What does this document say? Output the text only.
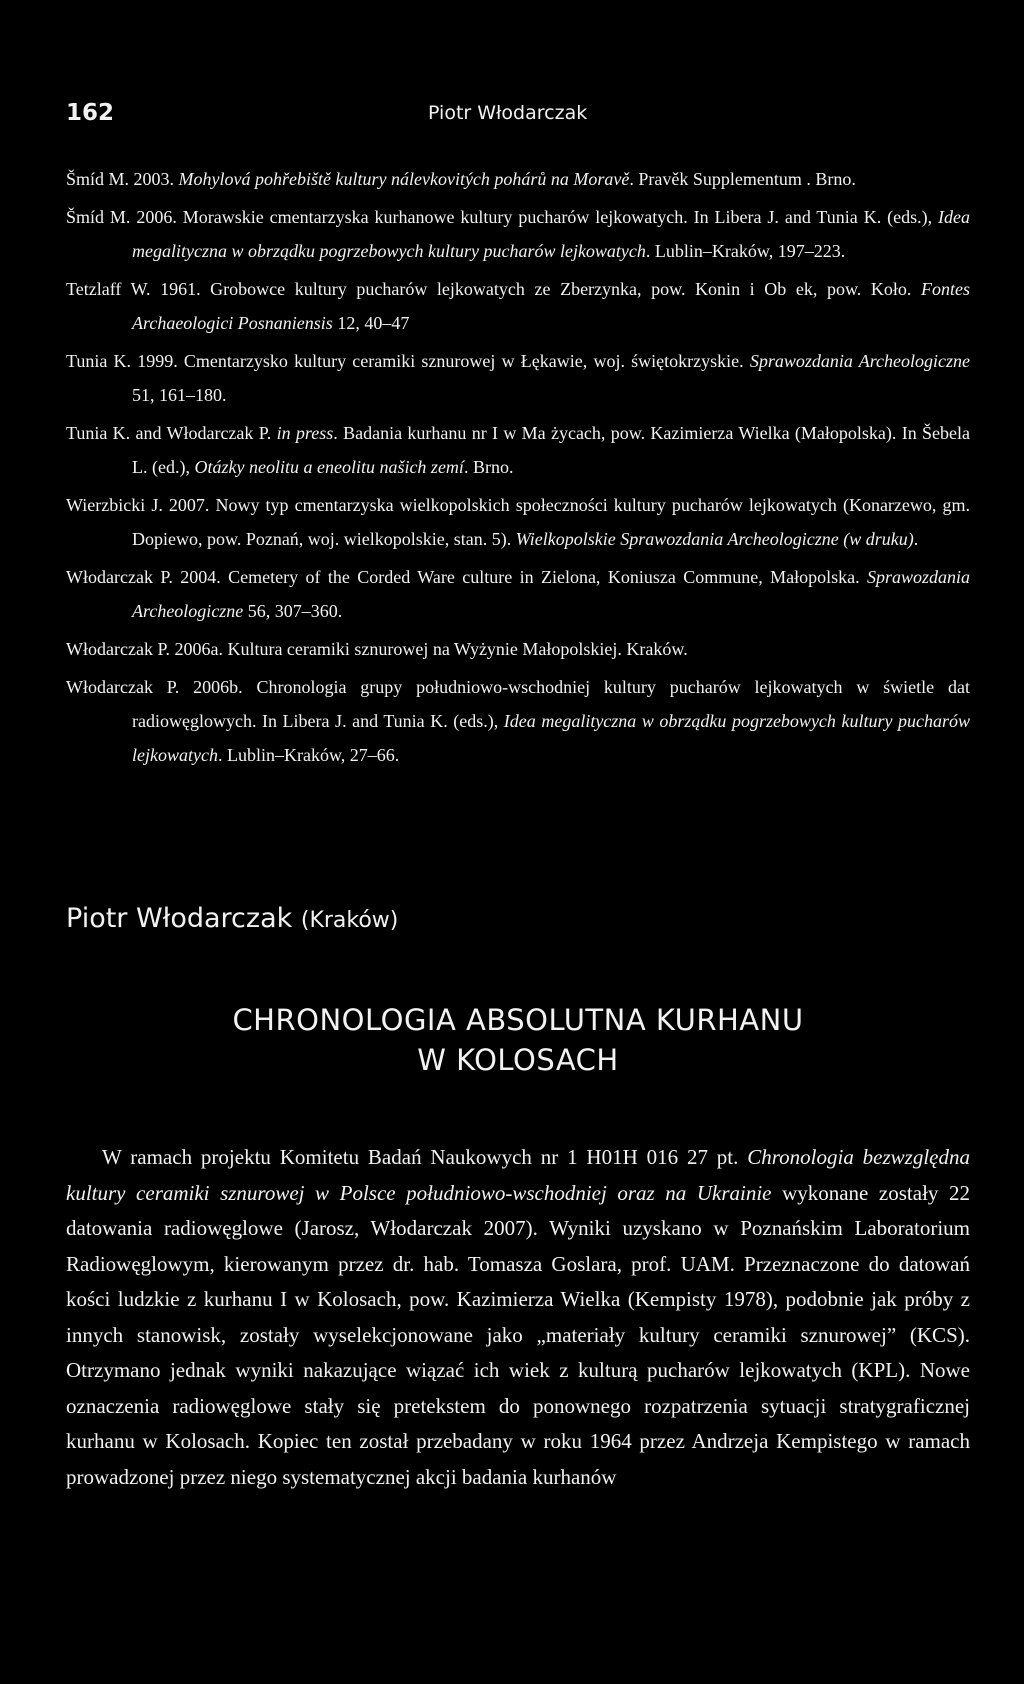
162	Piotr Włodarczak

Šmíd M. 2003. Mohylová pohřebiště kultury nálevkovitých pohárů na Moravě. Pravěk Supplementum . Brno.

Šmíd M. 2006. Morawskie cmentarzyska kurhanowe kultury pucharów lejkowatych. In Libera J. and Tunia K. (eds.), Idea megalityczna w obrządku pogrzebowych kultury pucharów lejkowatych. Lublin–Kraków, 197–223.

Tetzlaff W. 1961. Grobowce kultury pucharów lejkowatych ze Zberzynka, pow. Konin i Ob ek, pow. Koło. Fontes Archaeologici Posnaniensis 12, 40–47

Tunia K. 1999. Cmentarzysko kultury ceramiki sznurowej w Łękawie, woj. świętokrzyskie. Sprawozdania Archeologiczne 51, 161–180.

Tunia K. and Włodarczak P. in press. Badania kurhanu nr I w Ma życach, pow. Kazimierza Wielka (Małopolska). In Šebela L. (ed.), Otázky neolitu a eneolitu našich zemí. Brno.

Wierzbicki J. 2007. Nowy typ cmentarzyska wielkopolskich społeczności kultury pucharów lejkowatych (Konarzewo, gm. Dopiewo, pow. Poznań, woj. wielkopolskie, stan. 5). Wielkopolskie Sprawozdania Archeologiczne (w druku).

Włodarczak P. 2004. Cemetery of the Corded Ware culture in Zielona, Koniusza Commune, Małopolska. Sprawozdania Archeologiczne 56, 307–360.

Włodarczak P. 2006a. Kultura ceramiki sznurowej na Wyżynie Małopolskiej. Kraków.

Włodarczak P. 2006b. Chronologia grupy południowo-wschodniej kultury pucharów lejkowatych w świetle dat radiowęglowych. In Libera J. and Tunia K. (eds.), Idea megalityczna w obrządku pogrzebowych kultury pucharów lejkowatych. Lublin–Kraków, 27–66.

Piotr Włodarczak (Kraków)
CHRONOLOGIA ABSOLUTNA KURHANU
W KOLOSACH

W ramach projektu Komitetu Badań Naukowych nr 1 H01H 016 27 pt. Chronologia bezwzględna kultury ceramiki sznurowej w Polsce południowo-wschodniej oraz na Ukrainie wykonane zostały 22 datowania radiowęglowe (Jarosz, Włodarczak 2007). Wyniki uzyskano w Poznańskim Laboratorium Radiowęglowym, kierowanym przez dr. hab. Tomasza Goslara, prof. UAM. Przeznaczone do datowań kości ludzkie z kurhanu I w Kolosach, pow. Kazimierza Wielka (Kempisty 1978), podobnie jak próby z innych stanowisk, zostały wyselekcjonowane jako „materiały kultury ceramiki sznurowej” (KCS). Otrzymano jednak wyniki nakazujące wiązać ich wiek z kulturą pucharów lejkowatych (KPL). Nowe oznaczenia radiowęglowe stały się pretekstem do ponownego rozpatrzenia sytuacji stratygraficznej kurhanu w Kolosach. Kopiec ten został przebadany w roku 1964 przez Andrzeja Kempistego w ramach prowadzonej przez niego systematycznej akcji badania kurhanów
